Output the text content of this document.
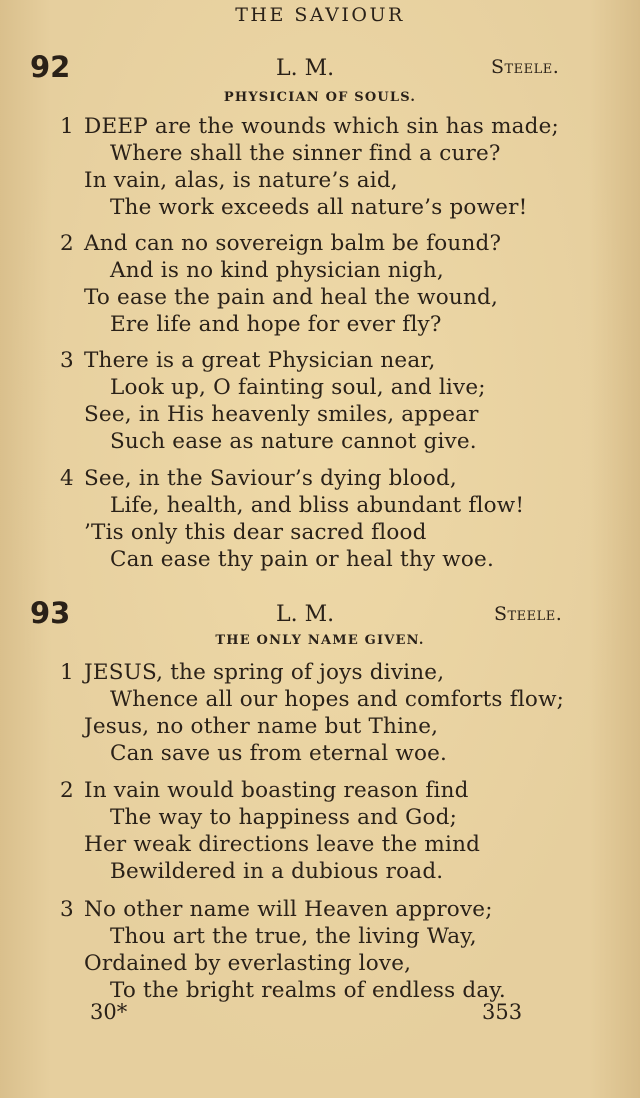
THE SAVIOUR
92	L. M.	Steele.
PHYSICIAN OF SOULS.
1 DEEP are the wounds which sin has made;
Where shall the sinner find a cure?
In vain, alas, is nature’s aid,
The work exceeds all nature’s power!
2 And can no sovereign balm be found?
And is no kind physician nigh,
To ease the pain and heal the wound,
Ere life and hope for ever fly?
3 There is a great Physician near,
Look up, O fainting soul, and live;
See, in His heavenly smiles, appear
Such ease as nature cannot give.
4 See, in the Saviour’s dying blood,
Life, health, and bliss abundant flow!
’Tis only this dear sacred flood
Can ease thy pain or heal thy woe.
93	L. M.	Steele.
THE ONLY NAME GIVEN.
1 JESUS, the spring of joys divine,
Whence all our hopes and comforts flow;
Jesus, no other name but Thine,
Can save us from eternal woe.
2 In vain would boasting reason find
The way to happiness and God;
Her weak directions leave the mind
Bewildered in a dubious road.
3 No other name will Heaven approve;
Thou art the true, the living Way,
Ordained by everlasting love,
To the bright realms of endless day.
30*	353
